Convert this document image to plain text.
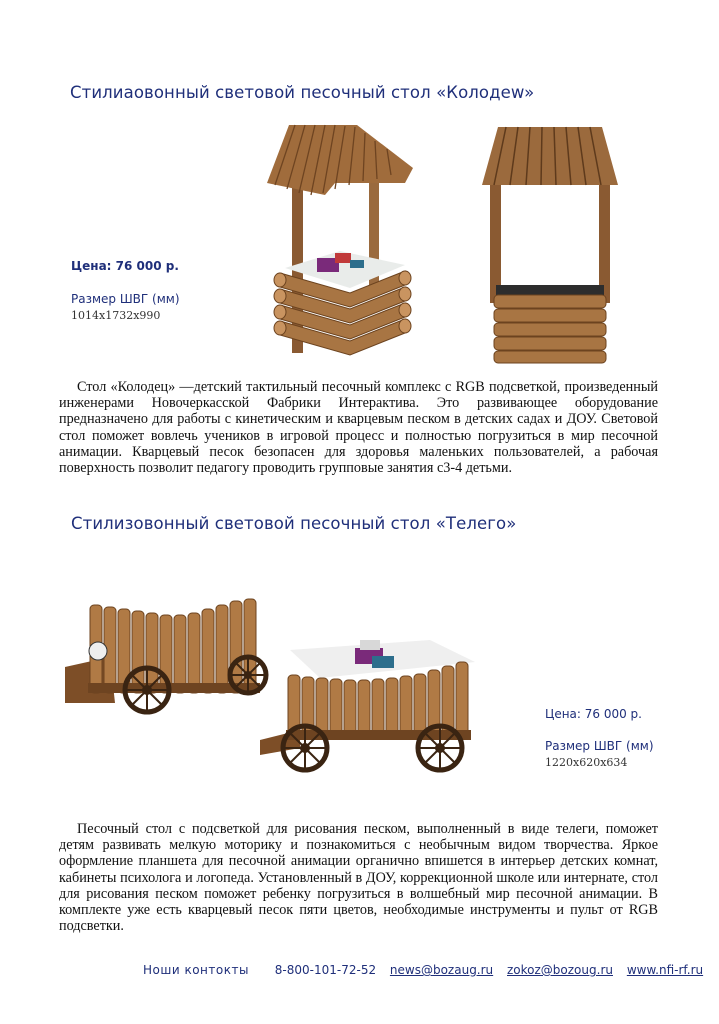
Стилиаовонный световой песочный стол «Колодеw»
Цена: 76 000 р.
Размер ШВГ (мм)
1014x1732x990

Стол «Колодец» —детский тактильный песочный комплекс с RGB подсветкой, произведенный инженерами Новочеркасской Фабрики Интерактива. Это развивающее оборудование предназначено для работы с кинетическим и кварцевым песком в детских садах и ДОУ. Световой стол поможет вовлечь учеников в игровой процесс и полностью погрузиться в мир песочной анимации. Кварцевый песок безопасен для здоровья маленьких пользователей, а рабочая поверхность позволит педагогу проводить групповые занятия с3-4 детьми.

Стилизовонный световой песочный стол «Телего»
Цена: 76 000 р.
Размер ШВГ (мм)
1220x620x634

Песочный стол с подсветкой для рисования песком, выполненный в виде телеги, поможет детям развивать мелкую моторику и познакомиться с необычным видом творчества. Яркое оформление планшета для песочной анимации органично впишется в интерьер детских комнат, кабинеты психолога и логопеда. Установленный в ДОУ, коррекционной школе или интернате, стол для рисования песком поможет ребенку погрузиться в волшебный мир песочной анимации. В комплекте уже есть кварцевый песок пяти цветов, необходимые инструменты и пульт от RGB подсветки.

Ноши контокты 8-800-101-72-52 news@bozaug.ru zokoz@bozoug.ru www.nfi-rf.ru
